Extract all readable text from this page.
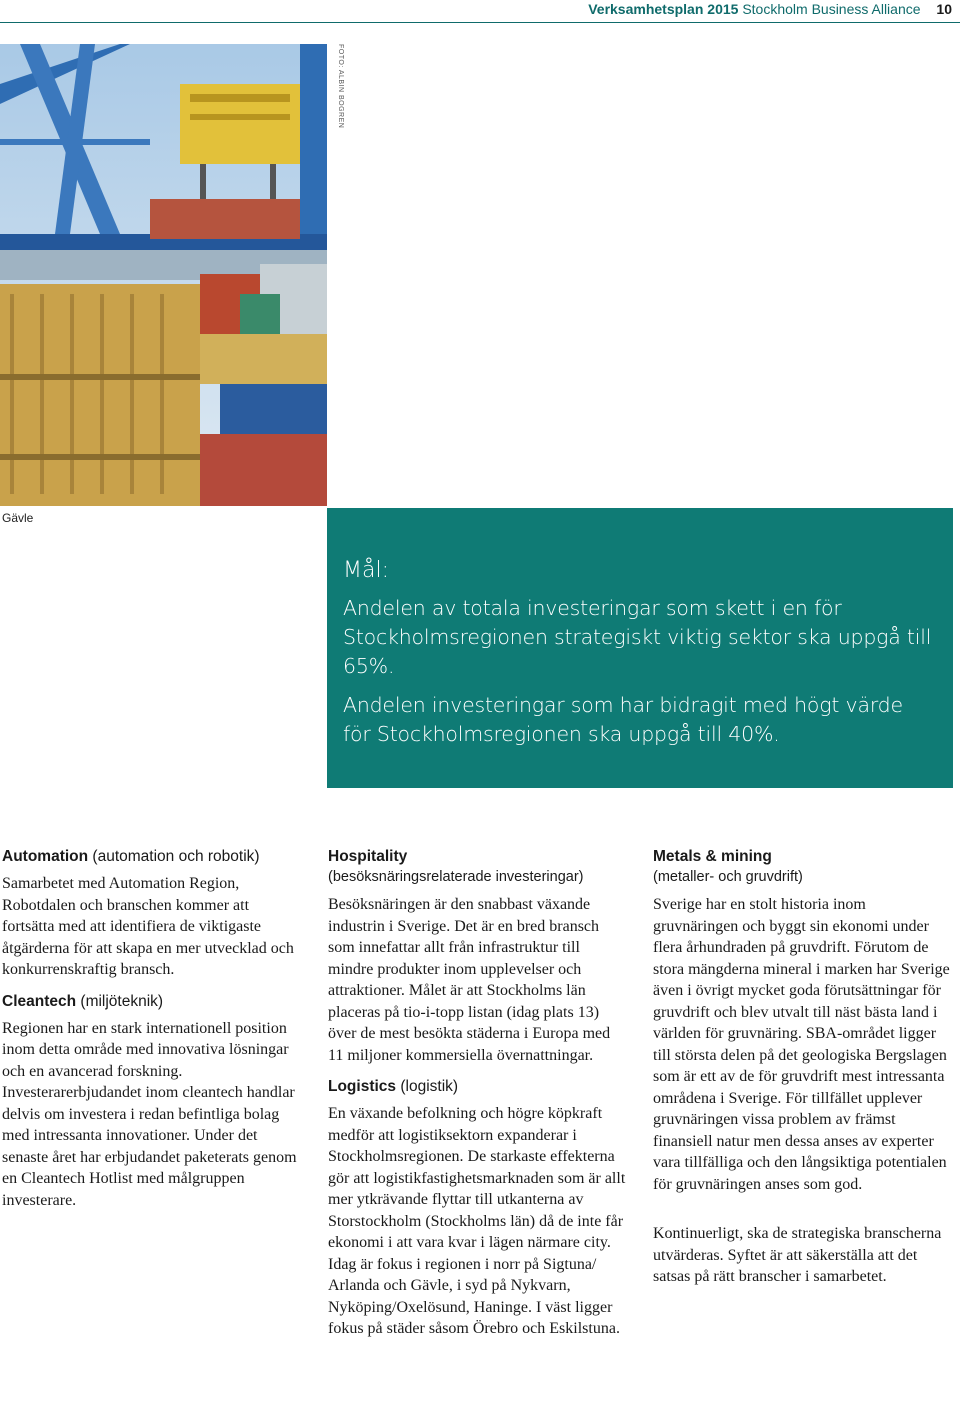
Verksamhetsplan 2015 Stockholm Business Alliance 10
FOTO: ALBIN BOGREN
Gävle
Mål:

Andelen av totala investeringar som skett i en för Stockholmsregionen strategiskt viktig sektor ska uppgå till 65%.

Andelen investeringar som har bidragit med högt värde för Stockholmsregionen ska uppgå till 40%.

Automation (automation och robotik)

Samarbetet med Automation Region, Robotdalen och branschen kommer att fortsätta med att identifiera de viktigaste åtgärderna för att skapa en mer utvecklad och konkurrenskraftig bransch.

Cleantech (miljöteknik)

Regionen har en stark internationell position inom detta område med innovativa lösningar och en avancerad forskning. Investerarerbjudandet inom cleantech handlar delvis om investera i redan befintliga bolag med intressanta innovationer. Under det senaste året har erbjudandet paketerats genom en Cleantech Hotlist med målgruppen investerare.

Hospitality
(besöksnäringsrelaterade investeringar)

Besöksnäringen är den snabbast växande industrin i Sverige. Det är en bred bransch som innefattar allt från infrastruktur till mindre produkter inom upplevelser och attraktioner. Målet är att Stockholms län placeras på tio-i-topp listan (idag plats 13) över de mest besökta städerna i Europa med 11 miljoner kommersiella övernattningar.

Logistics (logistik)

En växande befolkning och högre köpkraft medför att logistiksektorn expanderar i Stockholmsregionen. De starkaste effekterna gör att logistikfastighetsmarknaden som är allt mer ytkrävande flyttar till utkanterna av Storstockholm (Stockholms län) då de inte får ekonomi i att vara kvar i lägen närmare city. Idag är fokus i regionen i norr på Sigtuna/ Arlanda och Gävle, i syd på Nykvarn, Nyköping/Oxelösund, Haninge. I väst ligger fokus på städer såsom Örebro och Eskilstuna.

Metals & mining
(metaller- och gruvdrift)

Sverige har en stolt historia inom gruvnäringen och byggt sin ekonomi under flera århundraden på gruvdrift. Förutom de stora mängderna mineral i marken har Sverige även i övrigt mycket goda förutsättningar för gruvdrift och blev utvalt till näst bästa land i världen för gruvnäring. SBA-området ligger till största delen på det geologiska Bergslagen som är ett av de för gruvdrift mest intressanta områdena i Sverige. För tillfället upplever gruvnäringen vissa problem av främst finansiell natur men dessa anses av experter vara tillfälliga och den långsiktiga potentialen för gruvnäringen anses som god.

Kontinuerligt, ska de strategiska branscherna utvärderas. Syftet är att säkerställa att det satsas på rätt branscher i samarbetet.
